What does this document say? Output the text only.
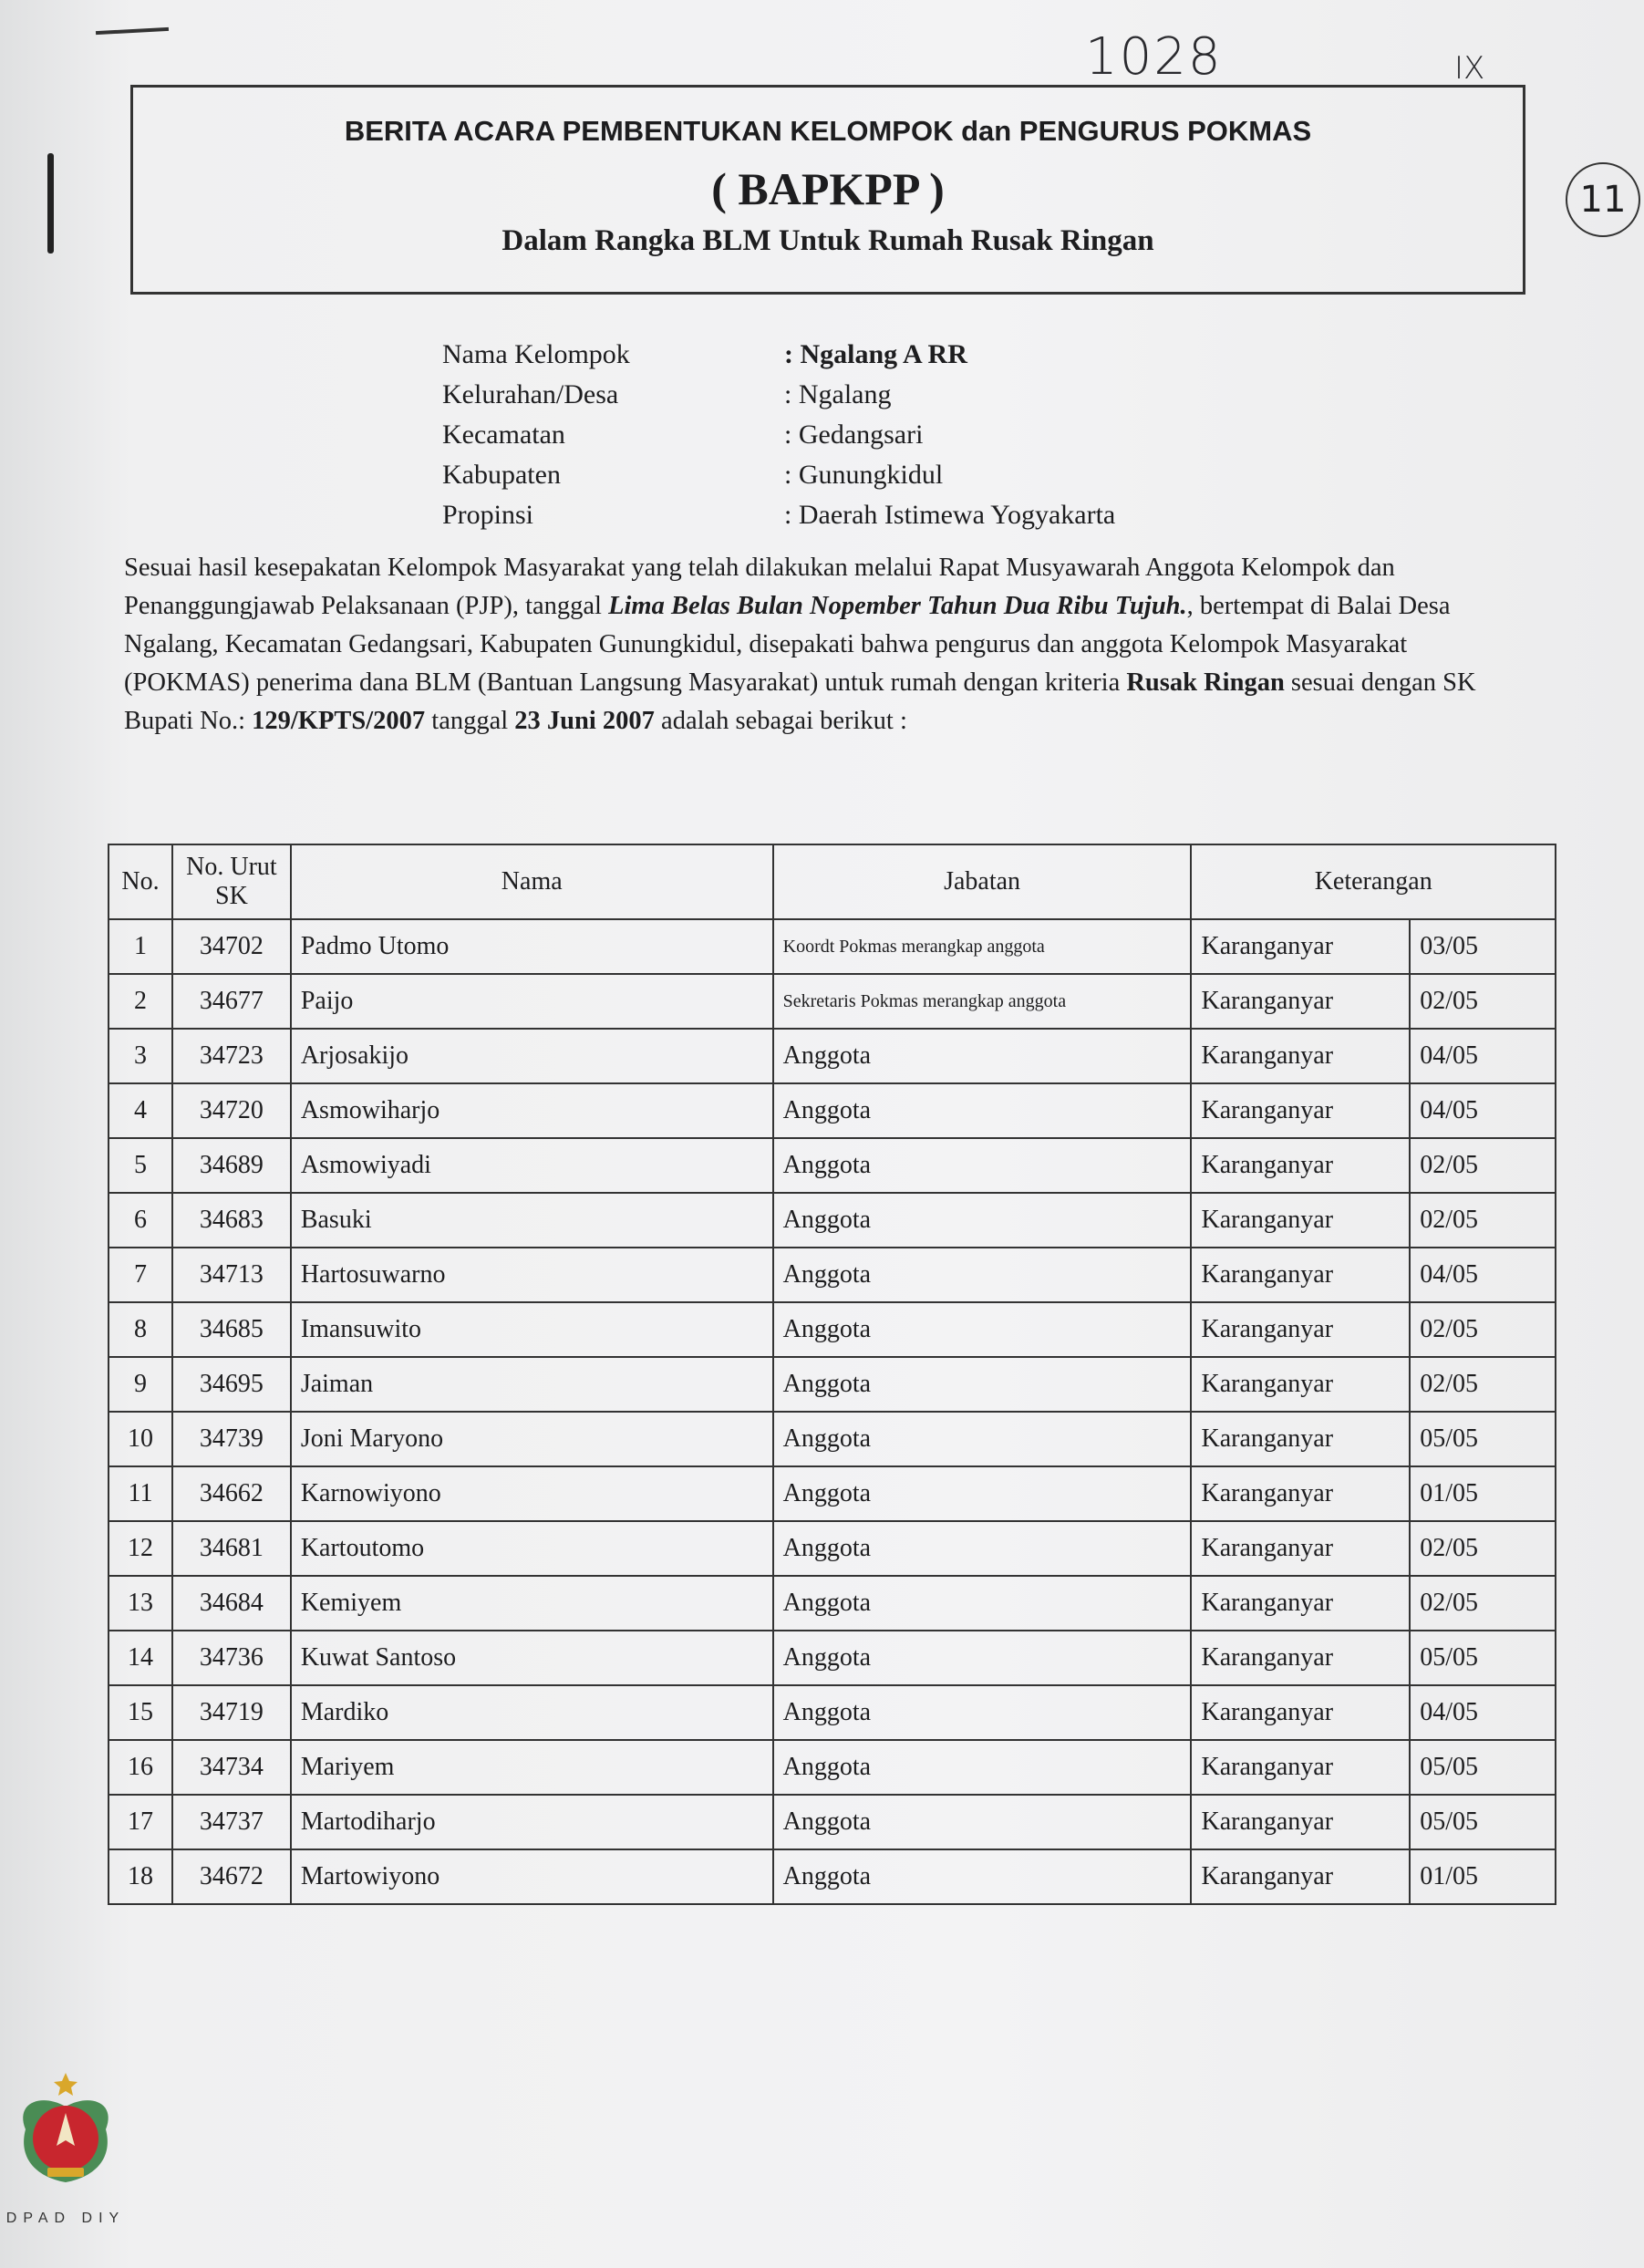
1028	IX
11
BERITA ACARA PEMBENTUKAN KELOMPOK dan PENGURUS POKMAS
( BAPKPP )
Dalam Rangka BLM Untuk Rumah Rusak Ringan
Nama Kelompok	: Ngalang A RR
Kelurahan/Desa	: Ngalang
Kecamatan	: Gedangsari
Kabupaten	: Gunungkidul
Propinsi	: Daerah Istimewa Yogyakarta
Sesuai hasil kesepakatan Kelompok Masyarakat yang telah dilakukan melalui Rapat Musyawarah Anggota Kelompok dan Penanggungjawab Pelaksanaan (PJP), tanggal Lima Belas Bulan Nopember Tahun Dua Ribu Tujuh., bertempat di Balai Desa Ngalang, Kecamatan Gedangsari, Kabupaten Gunungkidul, disepakati bahwa pengurus dan anggota Kelompok Masyarakat (POKMAS) penerima dana BLM (Bantuan Langsung Masyarakat) untuk rumah dengan kriteria Rusak Ringan sesuai dengan SK Bupati No.: 129/KPTS/2007 tanggal 23 Juni 2007 adalah sebagai berikut :
No.	No. Urut SK	Nama	Jabatan	Keterangan	
1	34702	Padmo Utomo	Koordt Pokmas merangkap anggota	Karanganyar	03/05
2	34677	Paijo	Sekretaris Pokmas merangkap anggota	Karanganyar	02/05
3	34723	Arjosakijo	Anggota	Karanganyar	04/05
4	34720	Asmowiharjo	Anggota	Karanganyar	04/05
5	34689	Asmowiyadi	Anggota	Karanganyar	02/05
6	34683	Basuki	Anggota	Karanganyar	02/05
7	34713	Hartosuwarno	Anggota	Karanganyar	04/05
8	34685	Imansuwito	Anggota	Karanganyar	02/05
9	34695	Jaiman	Anggota	Karanganyar	02/05
10	34739	Joni Maryono	Anggota	Karanganyar	05/05
11	34662	Karnowiyono	Anggota	Karanganyar	01/05
12	34681	Kartoutomo	Anggota	Karanganyar	02/05
13	34684	Kemiyem	Anggota	Karanganyar	02/05
14	34736	Kuwat Santoso	Anggota	Karanganyar	05/05
15	34719	Mardiko	Anggota	Karanganyar	04/05
16	34734	Mariyem	Anggota	Karanganyar	05/05
17	34737	Martodiharjo	Anggota	Karanganyar	05/05
18	34672	Martowiyono	Anggota	Karanganyar	01/05
DPAD DIY
